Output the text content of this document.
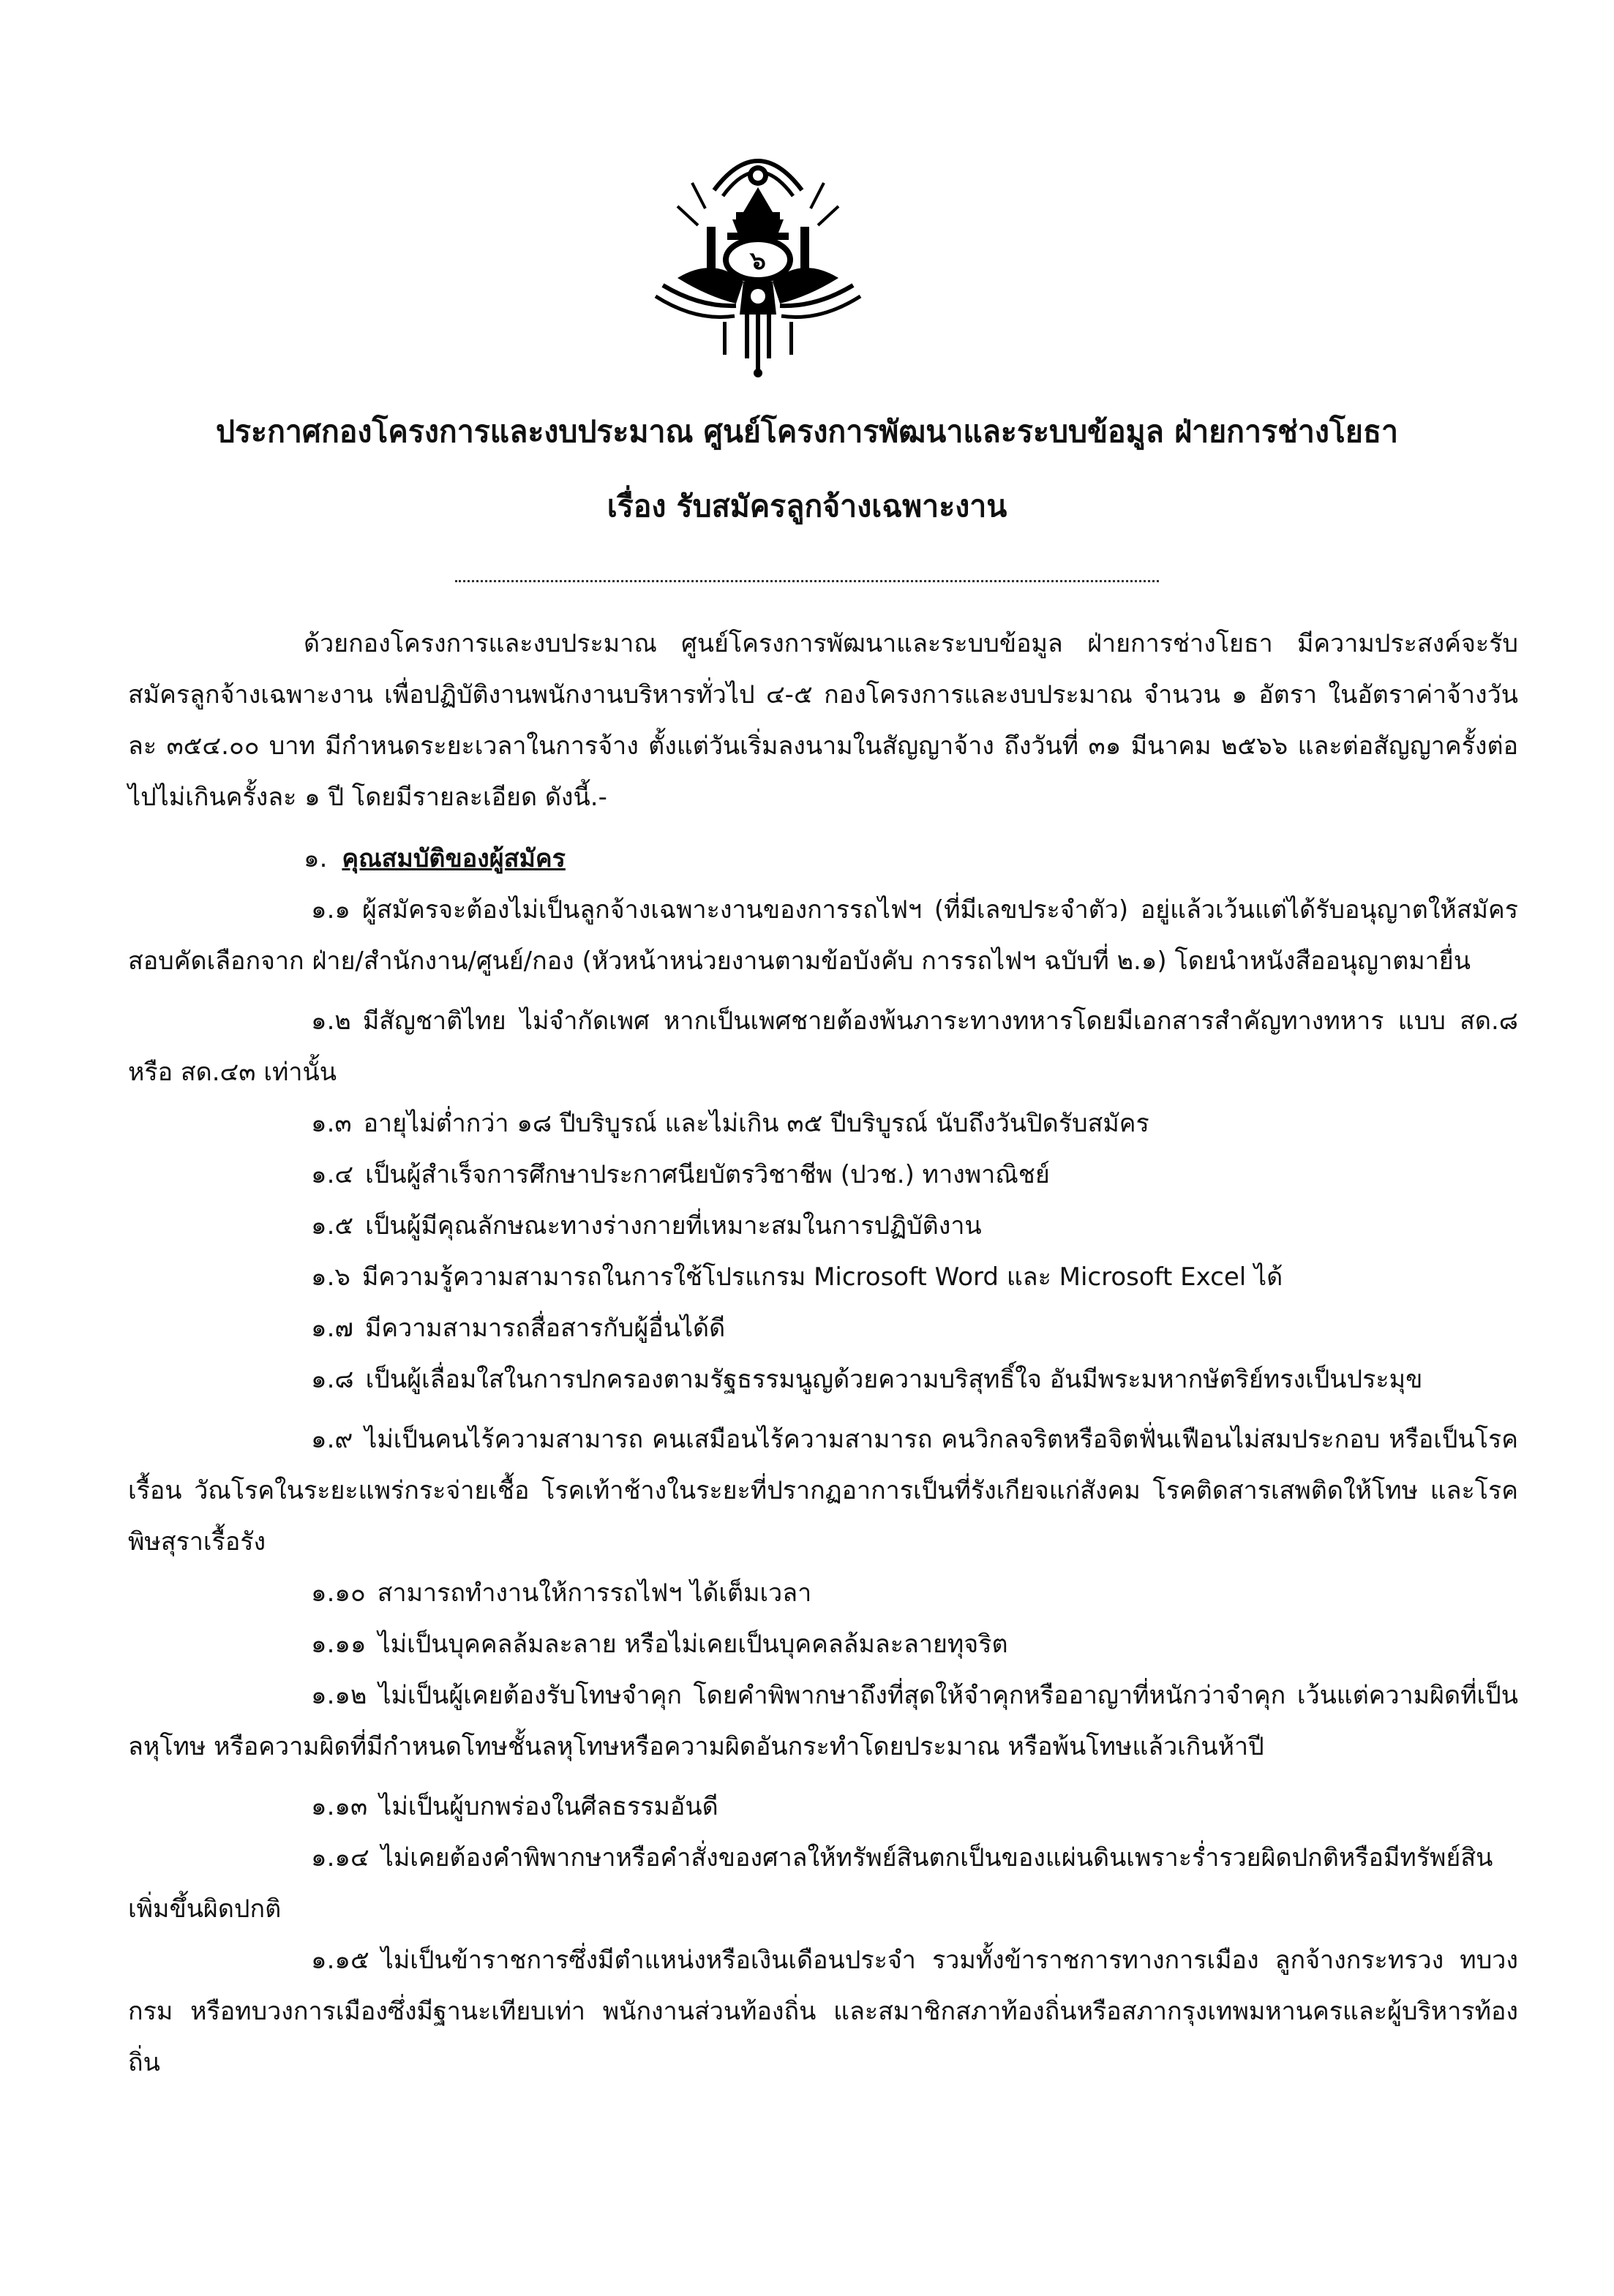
๖
ประกาศกองโครงการและงบประมาณ ศูนย์โครงการพัฒนาและระบบข้อมูล ฝ่ายการช่างโยธา
เรื่อง รับสมัครลูกจ้างเฉพาะงาน

ด้วยกองโครงการและงบประมาณ ศูนย์โครงการพัฒนาและระบบข้อมูล ฝ่ายการช่างโยธา มีความประสงค์จะรับสมัครลูกจ้างเฉพาะงาน เพื่อปฏิบัติงานพนักงานบริหารทั่วไป ๔-๕ กองโครงการและงบประมาณ จำนวน ๑ อัตรา ในอัตราค่าจ้างวันละ ๓๕๔.๐๐ บาท มีกำหนดระยะเวลาในการจ้าง ตั้งแต่วันเริ่มลงนามในสัญญาจ้าง ถึงวันที่ ๓๑ มีนาคม ๒๕๖๖ และต่อสัญญาครั้งต่อไปไม่เกินครั้งละ ๑ ปี โดยมีรายละเอียด ดังนี้.-

๑. คุณสมบัติของผู้สมัคร

๑.๑ ผู้สมัครจะต้องไม่เป็นลูกจ้างเฉพาะงานของการรถไฟฯ (ที่มีเลขประจำตัว) อยู่แล้วเว้นแต่ได้รับอนุญาตให้สมัครสอบคัดเลือกจาก ฝ่าย/สำนักงาน/ศูนย์/กอง (หัวหน้าหน่วยงานตามข้อบังคับ การรถไฟฯ ฉบับที่ ๒.๑) โดยนำหนังสืออนุญาตมายื่น

๑.๒ มีสัญชาติไทย ไม่จำกัดเพศ หากเป็นเพศชายต้องพ้นภาระทางทหารโดยมีเอกสารสำคัญทางทหาร แบบ สด.๘ หรือ สด.๔๓ เท่านั้น

๑.๓ อายุไม่ต่ำกว่า ๑๘ ปีบริบูรณ์ และไม่เกิน ๓๕ ปีบริบูรณ์ นับถึงวันปิดรับสมัคร

๑.๔ เป็นผู้สำเร็จการศึกษาประกาศนียบัตรวิชาชีพ (ปวช.) ทางพาณิชย์

๑.๕ เป็นผู้มีคุณลักษณะทางร่างกายที่เหมาะสมในการปฏิบัติงาน

๑.๖ มีความรู้ความสามารถในการใช้โปรแกรม Microsoft Word และ Microsoft Excel ได้

๑.๗ มีความสามารถสื่อสารกับผู้อื่นได้ดี

๑.๘ เป็นผู้เลื่อมใสในการปกครองตามรัฐธรรมนูญด้วยความบริสุทธิ์ใจ อันมีพระมหากษัตริย์ทรงเป็นประมุข

๑.๙ ไม่เป็นคนไร้ความสามารถ คนเสมือนไร้ความสามารถ คนวิกลจริตหรือจิตฟั่นเฟือนไม่สมประกอบ หรือเป็นโรคเรื้อน วัณโรคในระยะแพร่กระจ่ายเชื้อ โรคเท้าช้างในระยะที่ปรากฏอาการเป็นที่รังเกียจแก่สังคม โรคติดสารเสพติดให้โทษ และโรคพิษสุราเรื้อรัง

๑.๑๐ สามารถทำงานให้การรถไฟฯ ได้เต็มเวลา

๑.๑๑ ไม่เป็นบุคคลล้มละลาย หรือไม่เคยเป็นบุคคลล้มละลายทุจริต

๑.๑๒ ไม่เป็นผู้เคยต้องรับโทษจำคุก โดยคำพิพากษาถึงที่สุดให้จำคุกหรืออาญาที่หนักว่าจำคุก เว้นแต่ความผิดที่เป็นลหุโทษ หรือความผิดที่มีกำหนดโทษชั้นลหุโทษหรือความผิดอันกระทำโดยประมาณ หรือพ้นโทษแล้วเกินห้าปี

๑.๑๓ ไม่เป็นผู้บกพร่องในศีลธรรมอันดี

๑.๑๔ ไม่เคยต้องคำพิพากษาหรือคำสั่งของศาลให้ทรัพย์สินตกเป็นของแผ่นดินเพราะร่ำรวยผิดปกติหรือมีทรัพย์สินเพิ่มขึ้นผิดปกติ

๑.๑๕ ไม่เป็นข้าราชการซึ่งมีตำแหน่งหรือเงินเดือนประจำ รวมทั้งข้าราชการทางการเมือง ลูกจ้างกระทรวง ทบวง กรม หรือทบวงการเมืองซึ่งมีฐานะเทียบเท่า พนักงานส่วนท้องถิ่น และสมาชิกสภาท้องถิ่นหรือสภากรุงเทพมหานครและผู้บริหารท้องถิ่น
